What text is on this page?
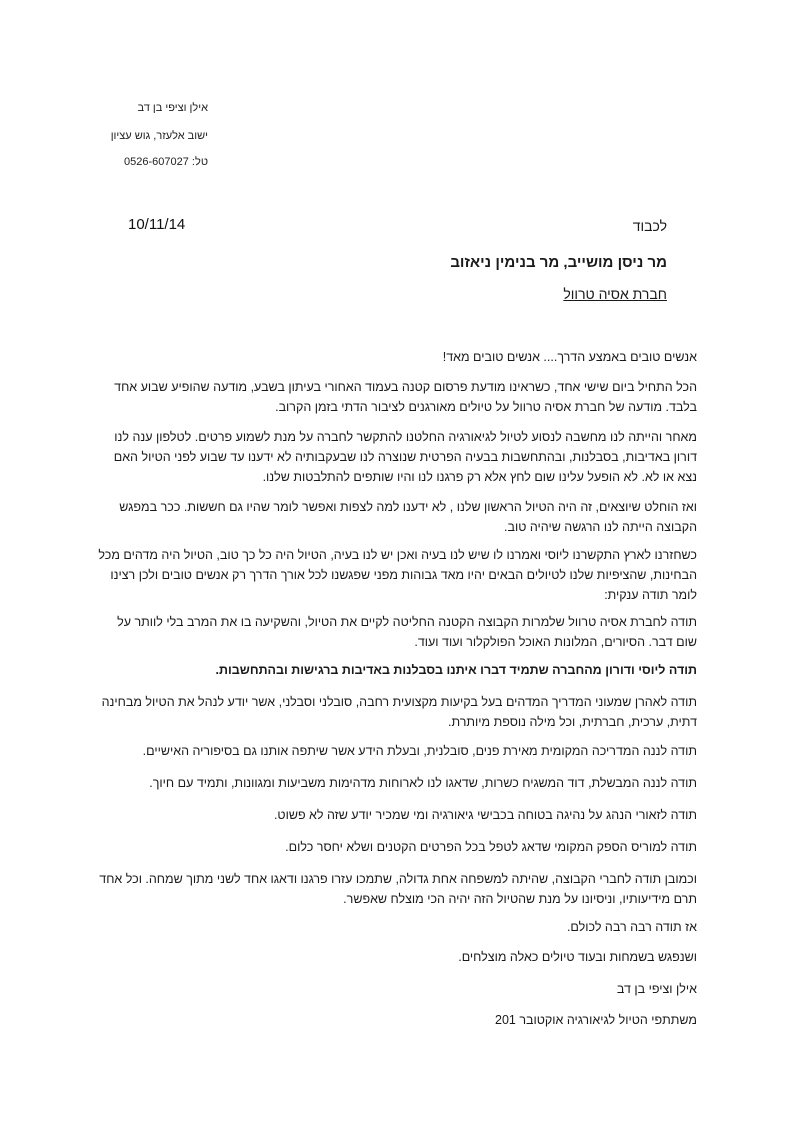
אילן וציפי בן דב
ישוב אלעזר, גוש עציון
טל: 0526-607027
10/11/14	לכבוד
מר ניסן מושייב, מר בנימין ניאזוב
חברת אסיה טרוול
אנשים טובים באמצע הדרך.... אנשים טובים מאד!
הכל התחיל ביום שישי אחד, כשראינו מודעת פרסום קטנה בעמוד האחורי בעיתון בשבע, מודעה שהופיע שבוע אחד בלבד. מודעה של חברת אסיה טרוול על טיולים מאורגנים לציבור הדתי בזמן הקרוב.
מאחר והייתה לנו מחשבה לנסוע לטיול לגיאורגיה החלטנו להתקשר לחברה על מנת לשמוע פרטים. לטלפון ענה לנו דורון באדיבות, בסבלנות, ובהתחשבות בבעיה הפרטית שנוצרה לנו שבעקבותיה לא ידענו עד שבוע לפני הטיול האם נצא או לא. לא הופעל עלינו שום לחץ אלא רק פרגנו לנו והיו שותפים להתלבטות שלנו.
ואז הוחלט שיוצאים, זה היה הטיול הראשון שלנו , לא ידענו למה לצפות ואפשר לומר שהיו גם חששות. ככר במפגש הקבוצה הייתה לנו הרגשה שיהיה טוב.
כשחזרנו לארץ התקשרנו ליוסי ואמרנו לו שיש לנו בעיה ואכן יש לנו בעיה, הטיול היה כל כך טוב, הטיול היה מדהים מכל הבחינות, שהציפיות שלנו לטיולים הבאים יהיו מאד גבוהות מפני שפגשנו לכל אורך הדרך רק אנשים טובים ולכן רצינו לומר תודה ענקית:
תודה לחברת אסיה טרוול שלמרות הקבוצה הקטנה החליטה לקיים את הטיול, והשקיעה בו את המרב בלי לוותר על שום דבר. הסיורים, המלונות האוכל הפולקלור ועוד ועוד.
תודה ליוסי ודורון מהחברה שתמיד דברו איתנו בסבלנות באדיבות ברגישות ובהתחשבות.
תודה לאהרן שמעוני המדריך המדהים בעל בקיעות מקצועית רחבה, סובלני וסבלני, אשר יודע לנהל את הטיול מבחינה דתית, ערכית, חברתית, וכל מילה נוספת מיותרת.
תודה לננה המדריכה המקומית מאירת פנים, סובלנית, ובעלת הידע אשר שיתפה אותנו גם בסיפוריה האישיים.
תודה לננה המבשלת, דוד המשגיח כשרות, שדאגו לנו לארוחות מדהימות משביעות ומגוונות, ותמיד עם חיוך.
תודה לזאורי הנהג על נהיגה בטוחה בכבישי גיאורגיה ומי שמכיר יודע שזה לא פשוט.
תודה למוריס הספק המקומי שדאג לטפל בכל הפרטים הקטנים ושלא יחסר כלום.
וכמובן תודה לחברי הקבוצה, שהיתה למשפחה אחת גדולה, שתמכו עזרו פרגנו ודאגו אחד לשני מתוך שמחה. וכל אחד תרם מידיעותיו, וניסיונו על מנת שהטיול הזה יהיה הכי מוצלח שאפשר.
אז תודה רבה רבה לכולם.
ושנפגש בשמחות ובעוד טיולים כאלה מוצלחים.
אילן וציפי בן דב
משתתפי הטיול לגיאורגיה אוקטובר 201
